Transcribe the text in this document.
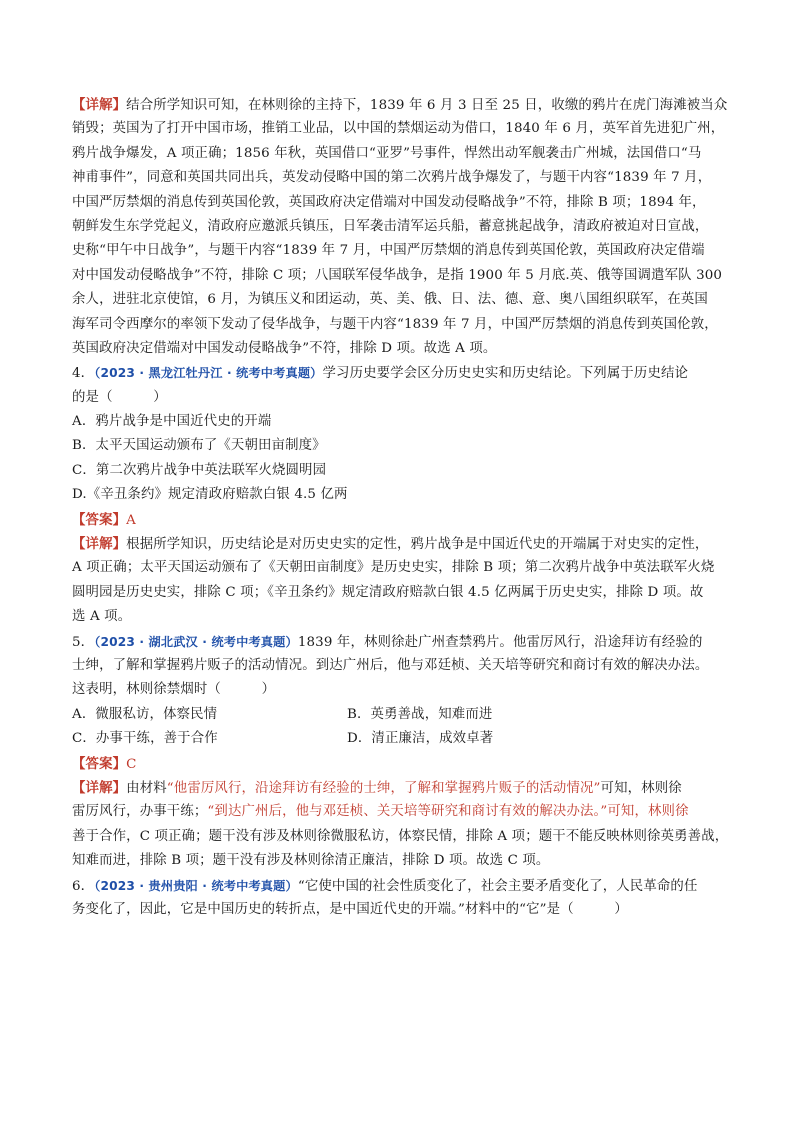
【详解】结合所学知识可知，在林则徐的主持下，1839 年 6 月 3 日至 25 日，收缴的鸦片在虎门海滩被当众
销毁；英国为了打开中国市场，推销工业品，以中国的禁烟运动为借口，1840 年 6 月，英军首先进犯广州，
鸦片战争爆发，A 项正确；1856 年秋，英国借口“亚罗”号事件，悍然出动军舰袭击广州城，法国借口“马
神甫事件”，同意和英国共同出兵，英发动侵略中国的第二次鸦片战争爆发了，与题干内容“1839 年 7 月，
中国严厉禁烟的消息传到英国伦敦，英国政府决定借端对中国发动侵略战争”不符，排除 B 项；1894 年，
朝鲜发生东学党起义，清政府应邀派兵镇压，日军袭击清军运兵船，蓄意挑起战争，清政府被迫对日宣战，
史称“甲午中日战争”，与题干内容“1839 年 7 月，中国严厉禁烟的消息传到英国伦敦，英国政府决定借端
对中国发动侵略战争”不符，排除 C 项；八国联军侵华战争，是指 1900 年 5 月底.英、俄等国调遣军队 300
余人，进驻北京使馆，6 月，为镇压义和团运动，英、美、俄、日、法、德、意、奥八国组织联军，在英国
海军司令西摩尔的率领下发动了侵华战争，与题干内容“1839 年 7 月，中国严厉禁烟的消息传到英国伦敦，
英国政府决定借端对中国发动侵略战争”不符，排除 D 项。故选 A 项。
4．（2023 · 黑龙江牡丹江 · 统考中考真题）学习历史要学会区分历史史实和历史结论。下列属于历史结论
的是（　　　）
A．鸦片战争是中国近代史的开端
B．太平天国运动颁布了《天朝田亩制度》
C．第二次鸦片战争中英法联军火烧圆明园
D.《辛丑条约》规定清政府赔款白银 4.5 亿两
【答案】A
【详解】根据所学知识，历史结论是对历史史实的定性，鸦片战争是中国近代史的开端属于对史实的定性，
A 项正确；太平天国运动颁布了《天朝田亩制度》是历史史实，排除 B 项；第二次鸦片战争中英法联军火烧
圆明园是历史史实，排除 C 项；《辛丑条约》规定清政府赔款白银 4.5 亿两属于历史史实，排除 D 项。故
选 A 项。
5．（2023 · 湖北武汉 · 统考中考真题）1839 年，林则徐赴广州查禁鸦片。他雷厉风行，沿途拜访有经验的
士绅，了解和掌握鸦片贩子的活动情况。到达广州后，他与邓廷桢、关天培等研究和商讨有效的解决办法。
这表明，林则徐禁烟时（　　　）
A．微服私访，体察民情	B．英勇善战，知难而进
C．办事干练，善于合作	D．清正廉洁，成效卓著
【答案】C
【详解】由材料“他雷厉风行，沿途拜访有经验的士绅，了解和掌握鸦片贩子的活动情况”可知，林则徐
雷厉风行，办事干练；“到达广州后，他与邓廷桢、关天培等研究和商讨有效的解决办法。”可知，林则徐
善于合作，C 项正确；题干没有涉及林则徐微服私访，体察民情，排除 A 项；题干不能反映林则徐英勇善战，
知难而进，排除 B 项；题干没有涉及林则徐清正廉洁，排除 D 项。故选 C 项。
6．（2023 · 贵州贵阳 · 统考中考真题）“它使中国的社会性质变化了，社会主要矛盾变化了，人民革命的任
务变化了，因此，它是中国历史的转折点，是中国近代史的开端。”材料中的“它”是（　　　）
